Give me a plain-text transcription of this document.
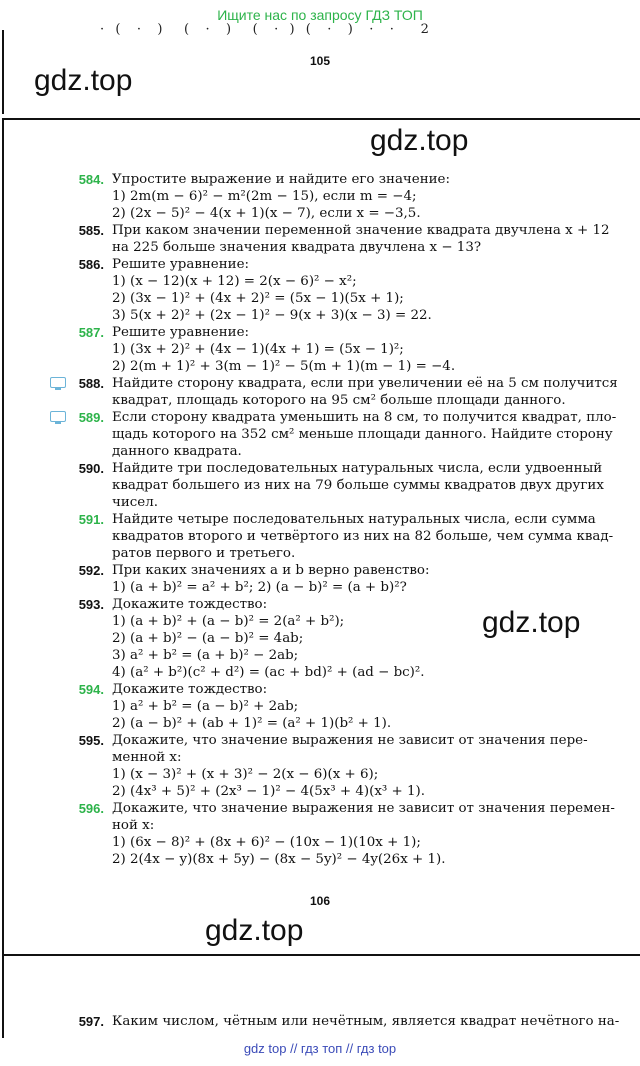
Ищите нас по запросу ГДЗ ТОП
·  (   ·   )    (   ·   )    (   ·  )  (   ·   )   ·   ·     2
105
gdz.top
gdz.top
gdz.top
106
gdz.top
584. Упростите выражение и найдите его значение:
1) 2m(m − 6)² − m²(2m − 15), если m = −4;
2) (2x − 5)² − 4(x + 1)(x − 7), если x = −3,5.
585. При каком значении переменной значение квадрата двучлена x + 12
на 225 больше значения квадрата двучлена x − 13?
586. Решите уравнение:
1) (x − 12)(x + 12) = 2(x − 6)² − x²;
2) (3x − 1)² + (4x + 2)² = (5x − 1)(5x + 1);
3) 5(x + 2)² + (2x − 1)² − 9(x + 3)(x − 3) = 22.
587. Решите уравнение:
1) (3x + 2)² + (4x − 1)(4x + 1) = (5x − 1)²;
2) 2(m + 1)² + 3(m − 1)² − 5(m + 1)(m − 1) = −4.
588. Найдите сторону квадрата, если при увеличении её на 5 см получится
квадрат, площадь которого на 95 см² больше площади данного.
589. Если сторону квадрата уменьшить на 8 см, то получится квадрат, пло-
щадь которого на 352 см² меньше площади данного. Найдите сторону
данного квадрата.
590. Найдите три последовательных натуральных числа, если удвоенный
квадрат большего из них на 79 больше суммы квадратов двух других
чисел.
591. Найдите четыре последовательных натуральных числа, если сумма
квадратов второго и четвёртого из них на 82 больше, чем сумма квад-
ратов первого и третьего.
592. При каких значениях a и b верно равенство:
1) (a + b)² = a² + b²; 2) (a − b)² = (a + b)²?
593. Докажите тождество:
1) (a + b)² + (a − b)² = 2(a² + b²);
2) (a + b)² − (a − b)² = 4ab;
3) a² + b² = (a + b)² − 2ab;
4) (a² + b²)(c² + d²) = (ac + bd)² + (ad − bc)².
594. Докажите тождество:
1) a² + b² = (a − b)² + 2ab;
2) (a − b)² + (ab + 1)² = (a² + 1)(b² + 1).
595. Докажите, что значение выражения не зависит от значения пере-
менной x:
1) (x − 3)² + (x + 3)² − 2(x − 6)(x + 6);
2) (4x³ + 5)² + (2x³ − 1)² − 4(5x³ + 4)(x³ + 1).
596. Докажите, что значение выражения не зависит от значения перемен-
ной x:
1) (6x − 8)² + (8x + 6)² − (10x − 1)(10x + 1);
2) 2(4x − y)(8x + 5y) − (8x − 5y)² − 4y(26x + 1).
597. Каким числом, чётным или нечётным, является квадрат нечётного на-
gdz top // гдз топ // гдз top
